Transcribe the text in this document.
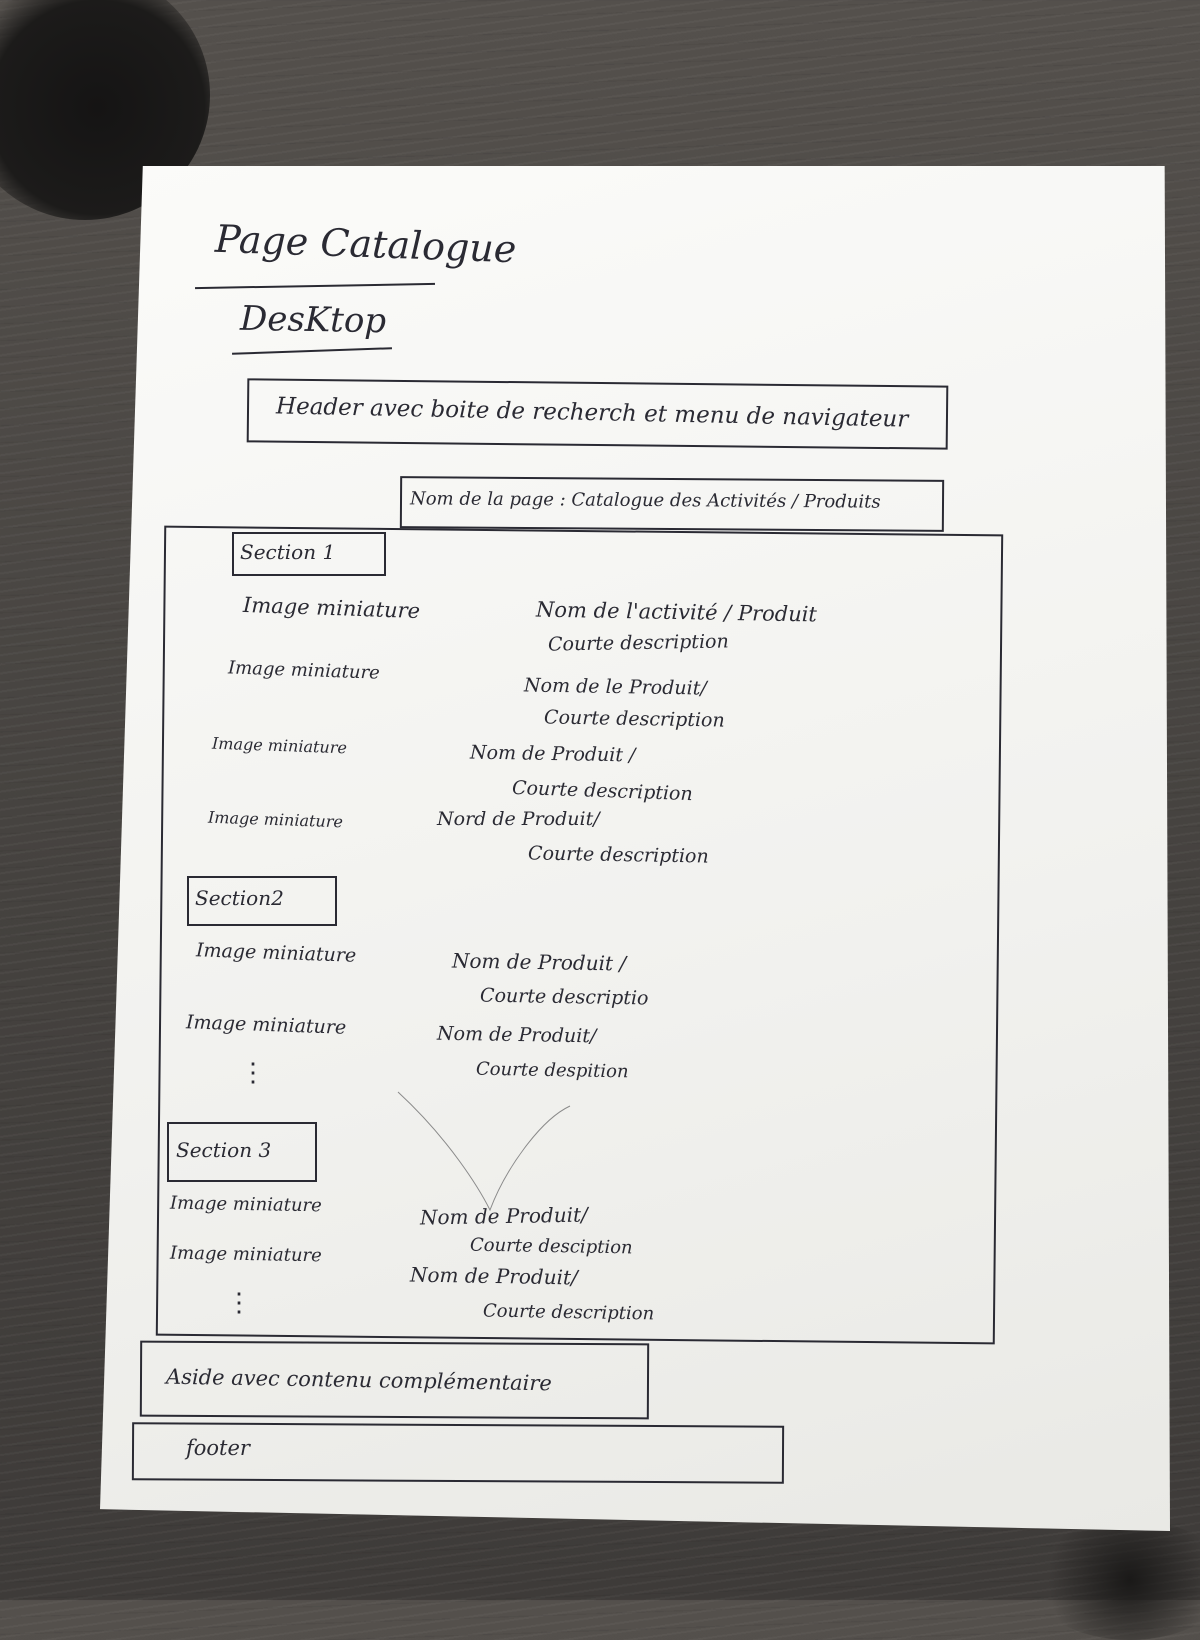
Page Catalogue
DesKtop
Header avec boite de recherch et menu de navigateur
Nom de la page : Catalogue des Activités / Produits
Section 1
Image miniature	Nom de l'activité / Produit
Courte description
Image miniature
Nom de le Produit/
Courte description
Image miniature	Nom de Produit /
Courte description
Image miniature	Nord de Produit/
Courte description
Section2
Image miniature	Nom de Produit /
Courte descriptio
Image miniature	Nom de Produit/
Courte despition
⋮
Section 3
Image miniature	Nom de Produit/
Courte desciption
Image miniature
Nom de Produit/
Courte description
⋮
Aside avec contenu complémentaire
footer
